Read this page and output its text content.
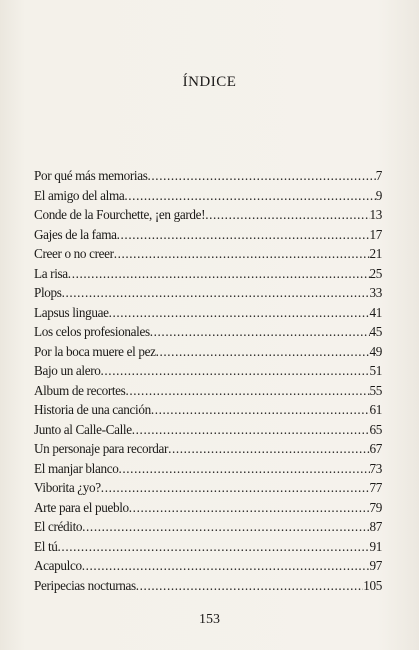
ÍNDICE
Por qué más memorias .....	7
El amigo del alma .....	9
Conde de la Fourchette, ¡en garde! .....	13
Gajes de la fama .....	17
Creer o no creer .....	21
La risa .....	25
Plops .....	33
Lapsus linguae .....	41
Los celos profesionales .....	45
Por la boca muere el pez .....	49
Bajo un alero .....	51
Album de recortes .....	55
Historia de una canción .....	61
Junto al Calle-Calle .....	65
Un personaje para recordar .....	67
El manjar blanco .....	73
Viborita ¿yo? .....	77
Arte para el pueblo .....	79
El crédito .....	87
El tú .....	91
Acapulco .....	97
Peripecias nocturnas .....	105
153
